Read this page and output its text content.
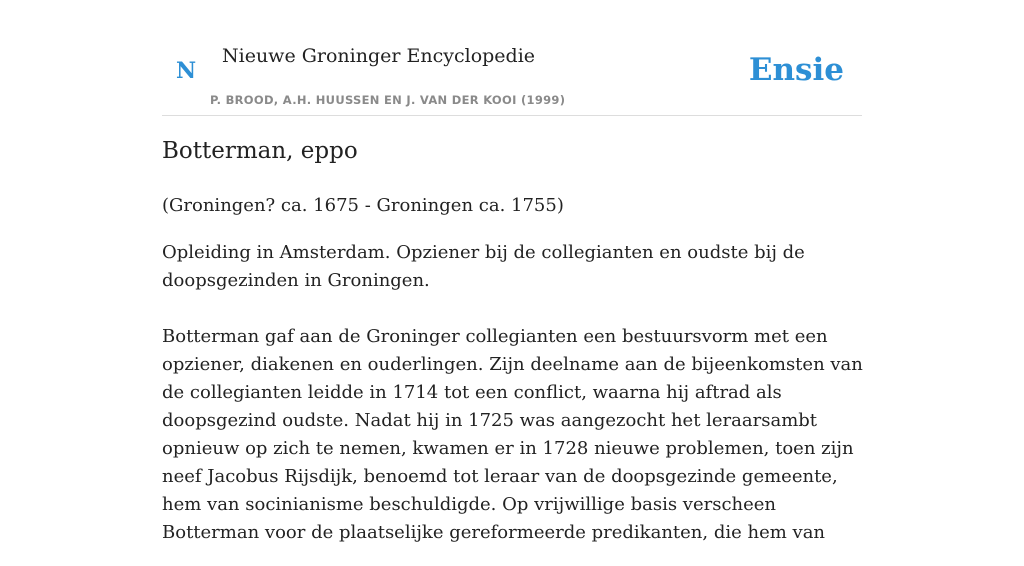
N
Nieuwe Groninger Encyclopedie
P. BROOD, A.H. HUUSSEN EN J. VAN DER KOOI (1999)
Ensie
Botterman, eppo

(Groningen? ca. 1675 - Groningen ca. 1755)

Opleiding in Amsterdam. Opziener bij de collegianten en oudste bij de doopsgezinden in Groningen.

Botterman gaf aan de Groninger collegianten een bestuursvorm met een opziener, diakenen en ouderlingen. Zijn deelname aan de bijeenkomsten van de collegianten leidde in 1714 tot een conflict, waarna hij aftrad als doopsgezind oudste. Nadat hij in 1725 was aangezocht het leraarsambt opnieuw op zich te nemen, kwamen er in 1728 nieuwe problemen, toen zijn neef Jacobus Rijsdijk, benoemd tot leraar van de doopsgezinde gemeente, hem van socinianisme beschuldigde. Op vrijwillige basis verscheen Botterman voor de plaatselijke gereformeerde predikanten, die hem van
